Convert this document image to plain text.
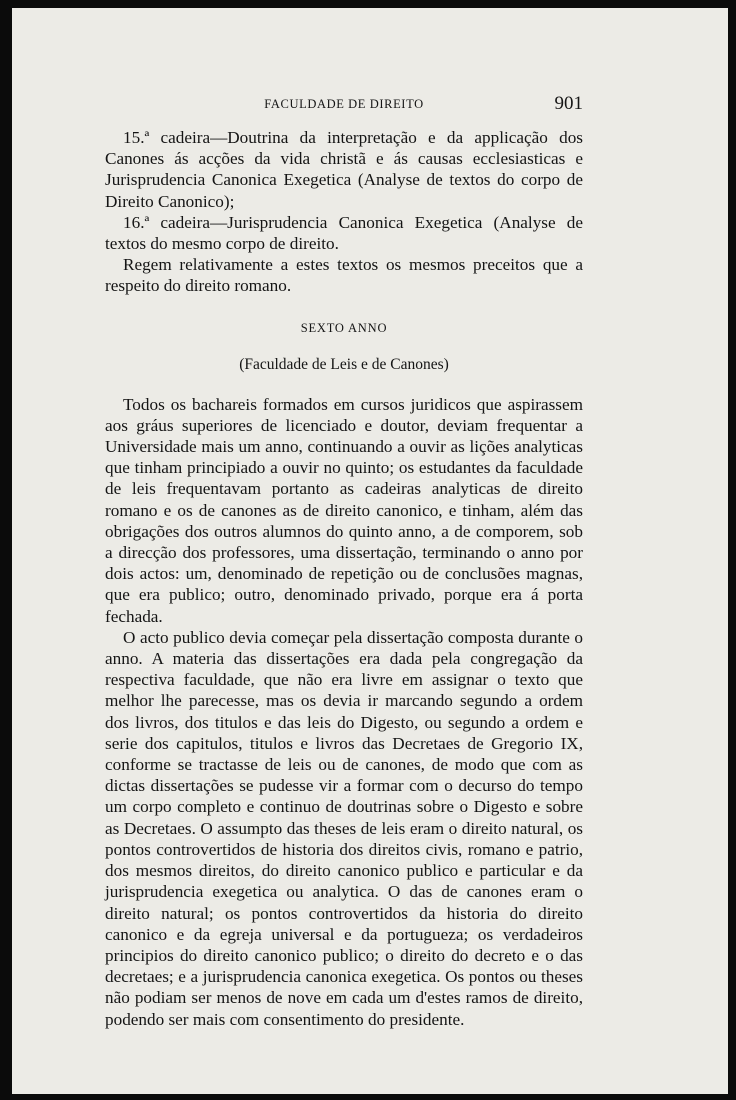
FACULDADE DE DIREITO	901

15.ª cadeira—Doutrina da interpretação e da applicação dos Canones ás acções da vida christã e ás causas ecclesiasticas e Jurisprudencia Canonica Exegetica (Analyse de textos do corpo de Direito Canonico);

16.ª cadeira—Jurisprudencia Canonica Exegetica (Analyse de textos do mesmo corpo de direito.

Regem relativamente a estes textos os mesmos preceitos que a respeito do direito romano.

SEXTO ANNO
(Faculdade de Leis e de Canones)

Todos os bachareis formados em cursos juridicos que aspirassem aos gráus superiores de licenciado e doutor, deviam frequentar a Universidade mais um anno, continuando a ouvir as lições analyticas que tinham principiado a ouvir no quinto; os estudantes da faculdade de leis frequentavam portanto as cadeiras analyticas de direito romano e os de canones as de direito canonico, e tinham, além das obrigações dos outros alumnos do quinto anno, a de comporem, sob a direcção dos professores, uma dissertação, terminando o anno por dois actos: um, denominado de repetição ou de conclusões magnas, que era publico; outro, denominado privado, porque era á porta fechada.

O acto publico devia começar pela dissertação composta durante o anno. A materia das dissertações era dada pela congregação da respectiva faculdade, que não era livre em assignar o texto que melhor lhe parecesse, mas os devia ir marcando segundo a ordem dos livros, dos titulos e das leis do Digesto, ou segundo a ordem e serie dos capitulos, titulos e livros das Decretaes de Gregorio IX, conforme se tractasse de leis ou de canones, de modo que com as dictas dissertações se pudesse vir a formar com o decurso do tempo um corpo completo e continuo de doutrinas sobre o Digesto e sobre as Decretaes. O assumpto das theses de leis eram o direito natural, os pontos controvertidos de historia dos direitos civis, romano e patrio, dos mesmos direitos, do direito canonico publico e particular e da jurisprudencia exegetica ou analytica. O das de canones eram o direito natural; os pontos controvertidos da historia do direito canonico e da egreja universal e da portugueza; os verdadeiros principios do direito canonico publico; o direito do decreto e o das decretaes; e a jurisprudencia canonica exegetica. Os pontos ou theses não podiam ser menos de nove em cada um d'estes ramos de direito, podendo ser mais com consentimento do presidente.
